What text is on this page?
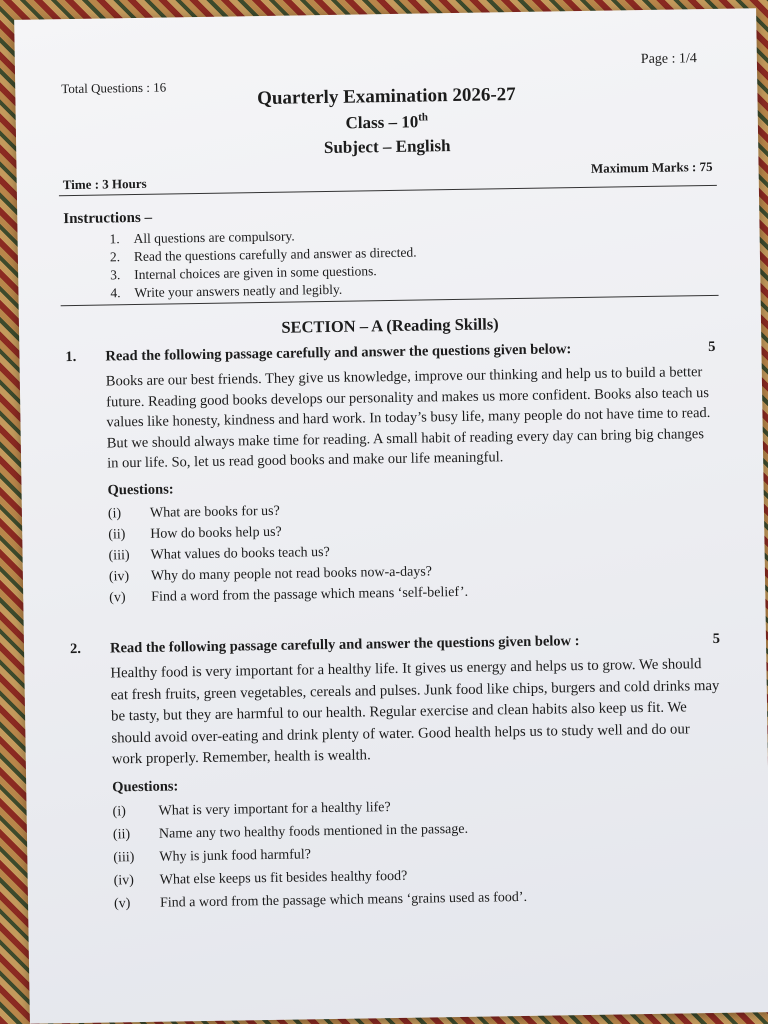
Page : 1/4
Total Questions : 16	Quarterly Examination 2026-27
Class – 10th
Subject – English
Time : 3 Hours
Maximum Marks : 75
Instructions –
1.	All questions are compulsory.
2.	Read the questions carefully and answer as directed.
3.	Internal choices are given in some questions.
4.	Write your answers neatly and legibly.
SECTION – A (Reading Skills)
1.	Read the following passage carefully and answer the questions given below:	5
Books are our best friends. They give us knowledge, improve our thinking and help us to build a better future. Reading good books develops our personality and makes us more confident. Books also teach us values like honesty, kindness and hard work. In today’s busy life, many people do not have time to read. But we should always make time for reading. A small habit of reading every day can bring big changes in our life. So, let us read good books and make our life meaningful.
Questions:
(i)	What are books for us?
(ii)	How do books help us?
(iii)	What values do books teach us?
(iv)	Why do many people not read books now-a-days?
(v)	Find a word from the passage which means ‘self-belief’.
2.	Read the following passage carefully and answer the questions given below :	5
Healthy food is very important for a healthy life. It gives us energy and helps us to grow. We should eat fresh fruits, green vegetables, cereals and pulses. Junk food like chips, burgers and cold drinks may be tasty, but they are harmful to our health. Regular exercise and clean habits also keep us fit. We should avoid over-eating and drink plenty of water. Good health helps us to study well and do our work properly. Remember, health is wealth.
Questions:
(i)	What is very important for a healthy life?
(ii)	Name any two healthy foods mentioned in the passage.
(iii)	Why is junk food harmful?
(iv)	What else keeps us fit besides healthy food?
(v)	Find a word from the passage which means ‘grains used as food’.
